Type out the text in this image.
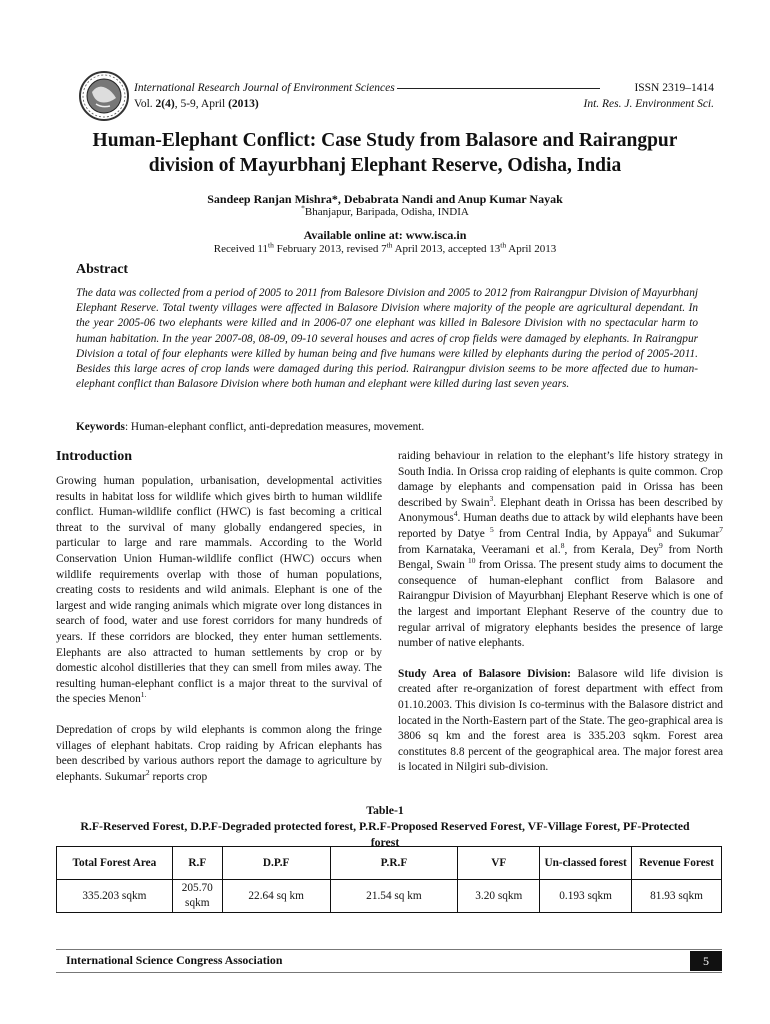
International Research Journal of Environment Sciences	ISSN 2319–1414
Vol. 2(4), 5-9, April (2013)	Int. Res. J. Environment Sci.
Human-Elephant Conflict: Case Study from Balasore and Rairangpur
division of Mayurbhanj Elephant Reserve, Odisha, India
Sandeep Ranjan Mishra*, Debabrata Nandi and Anup Kumar Nayak
*Bhanjapur, Baripada, Odisha, INDIA
Available online at: www.isca.in
Received 11th February 2013, revised 7th April 2013, accepted 13th April 2013
Abstract
The data was collected from a period of 2005 to 2011 from Balesore Division and 2005 to 2012 from Rairangpur Division of Mayurbhanj Elephant Reserve. Total twenty villages were affected in Balasore Division where majority of the people are agricultural dependant. In the year 2005-06 two elephants were killed and in 2006-07 one elephant was killed in Balesore Division with no spectacular harm to human habitation. In the year 2007-08, 08-09, 09-10 several houses and acres of crop fields were damaged by elephants. In Rairangpur Division a total of four elephants were killed by human being and five humans were killed by elephants during the period of 2005-2011. Besides this large acres of crop lands were damaged during this period. Rairangpur division seems to be more affected due to human-elephant conflict than Balasore Division where both human and elephant were killed during last seven years.
Keywords: Human-elephant conflict, anti-depredation measures, movement.
Introduction

Growing human population, urbanisation, developmental activities results in habitat loss for wildlife which gives birth to human wildlife conflict. Human-wildlife conflict (HWC) is fast becoming a critical threat to the survival of many globally endangered species, in particular to large and rare mammals. According to the World Conservation Union Human-wildlife conflict (HWC) occurs when wildlife requirements overlap with those of human populations, creating costs to residents and wild animals. Elephant is one of the largest and wide ranging animals which migrate over long distances in search of food, water and use forest corridors for many hundreds of years. If these corridors are blocked, they enter human settlements. Elephants are also attracted to human settlements by crop or by domestic alcohol distilleries that they can smell from miles away. The resulting human-elephant conflict is a major threat to the survival of the species Menon$^{1.}$

Depredation of crops by wild elephants is common along the fringe villages of elephant habitats. Crop raiding by African elephants has been described by various authors report the damage to agriculture by elephants. Sukumar$^2$ reports crop

raiding behaviour in relation to the elephant’s life history strategy in South India. In Orissa crop raiding of elephants is quite common. Crop damage by elephants and compensation paid in Orissa has been described by Swain$^3$. Elephant death in Orissa has been described by Anonymous$^4$. Human deaths due to attack by wild elephants have been reported by Datye $^5$ from Central India, by Appaya$^6$ and Sukumar$^7$ from Karnataka, Veeramani et al.$^8$, from Kerala, Dey$^9$ from North Bengal, Swain $^{10}$ from Orissa. The present study aims to document the consequence of human-elephant conflict from Balasore and Rairangpur Division of Mayurbhanj Elephant Reserve which is one of the largest and important Elephant Reserve of the country due to regular arrival of migratory elephants besides the presence of large number of native elephants.

Study Area of Balasore Division: Balasore wild life division is created after re-organization of forest department with effect from 01.10.2003. This division Is co-terminus with the Balasore district and located in the North-Eastern part of the State. The geo-graphical area is 3806 sq km and the forest area is 335.203 sqkm. Forest area constitutes 8.8 percent of the geographical area. The major forest area is located in Nilgiri sub-division.

Table-1
R.F-Reserved Forest, D.P.F-Degraded protected forest, P.R.F-Proposed Reserved Forest, VF-Village Forest, PF-Protected
forest
Total Forest Area	R.F	D.P.F	P.R.F	VF	Un-classed forest	Revenue Forest
335.203 sqkm	205.70 sqkm	22.64 sq km	21.54 sq km	3.20 sqkm	0.193 sqkm	81.93 sqkm
International Science Congress Association	5
